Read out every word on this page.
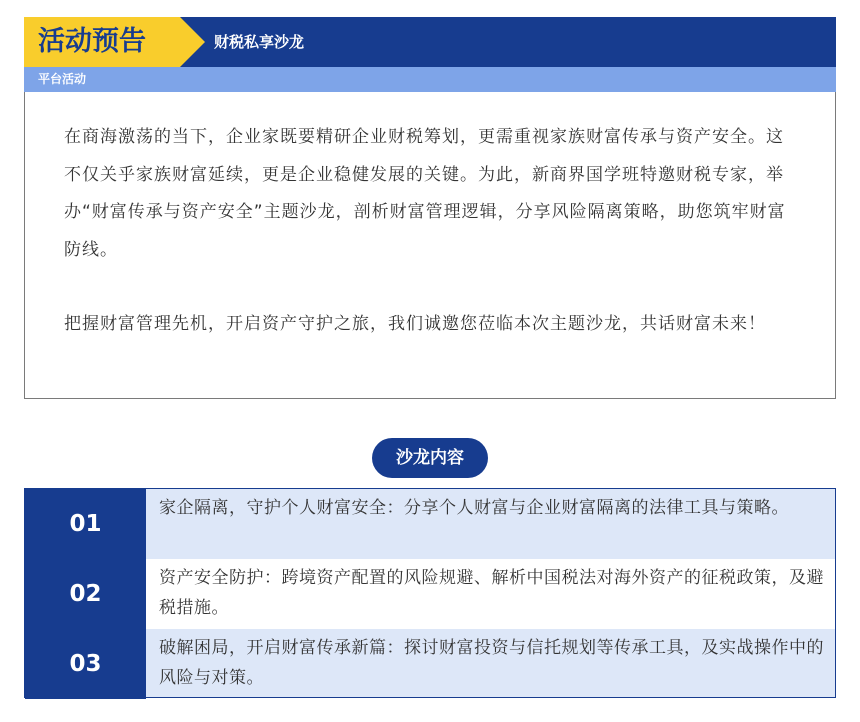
活动预告	财税私享沙龙
平台活动

在商海激荡的当下，企业家既要精研企业财税筹划，更需重视家族财富传承与资产安全。这不仅关乎家族财富延续，更是企业稳健发展的关键。为此，新商界国学班特邀财税专家，举办“财富传承与资产安全”主题沙龙，剖析财富管理逻辑，分享风险隔离策略，助您筑牢财富防线。

把握财富管理先机，开启资产守护之旅，我们诚邀您莅临本次主题沙龙，共话财富未来！

沙龙内容
01
家企隔离，守护个人财富安全：分享个人财富与企业财富隔离的法律工具与策略。
02
资产安全防护：跨境资产配置的风险规避、解析中国税法对海外资产的征税政策，及避税措施。
03
破解困局，开启财富传承新篇：探讨财富投资与信托规划等传承工具，及实战操作中的风险与对策。
